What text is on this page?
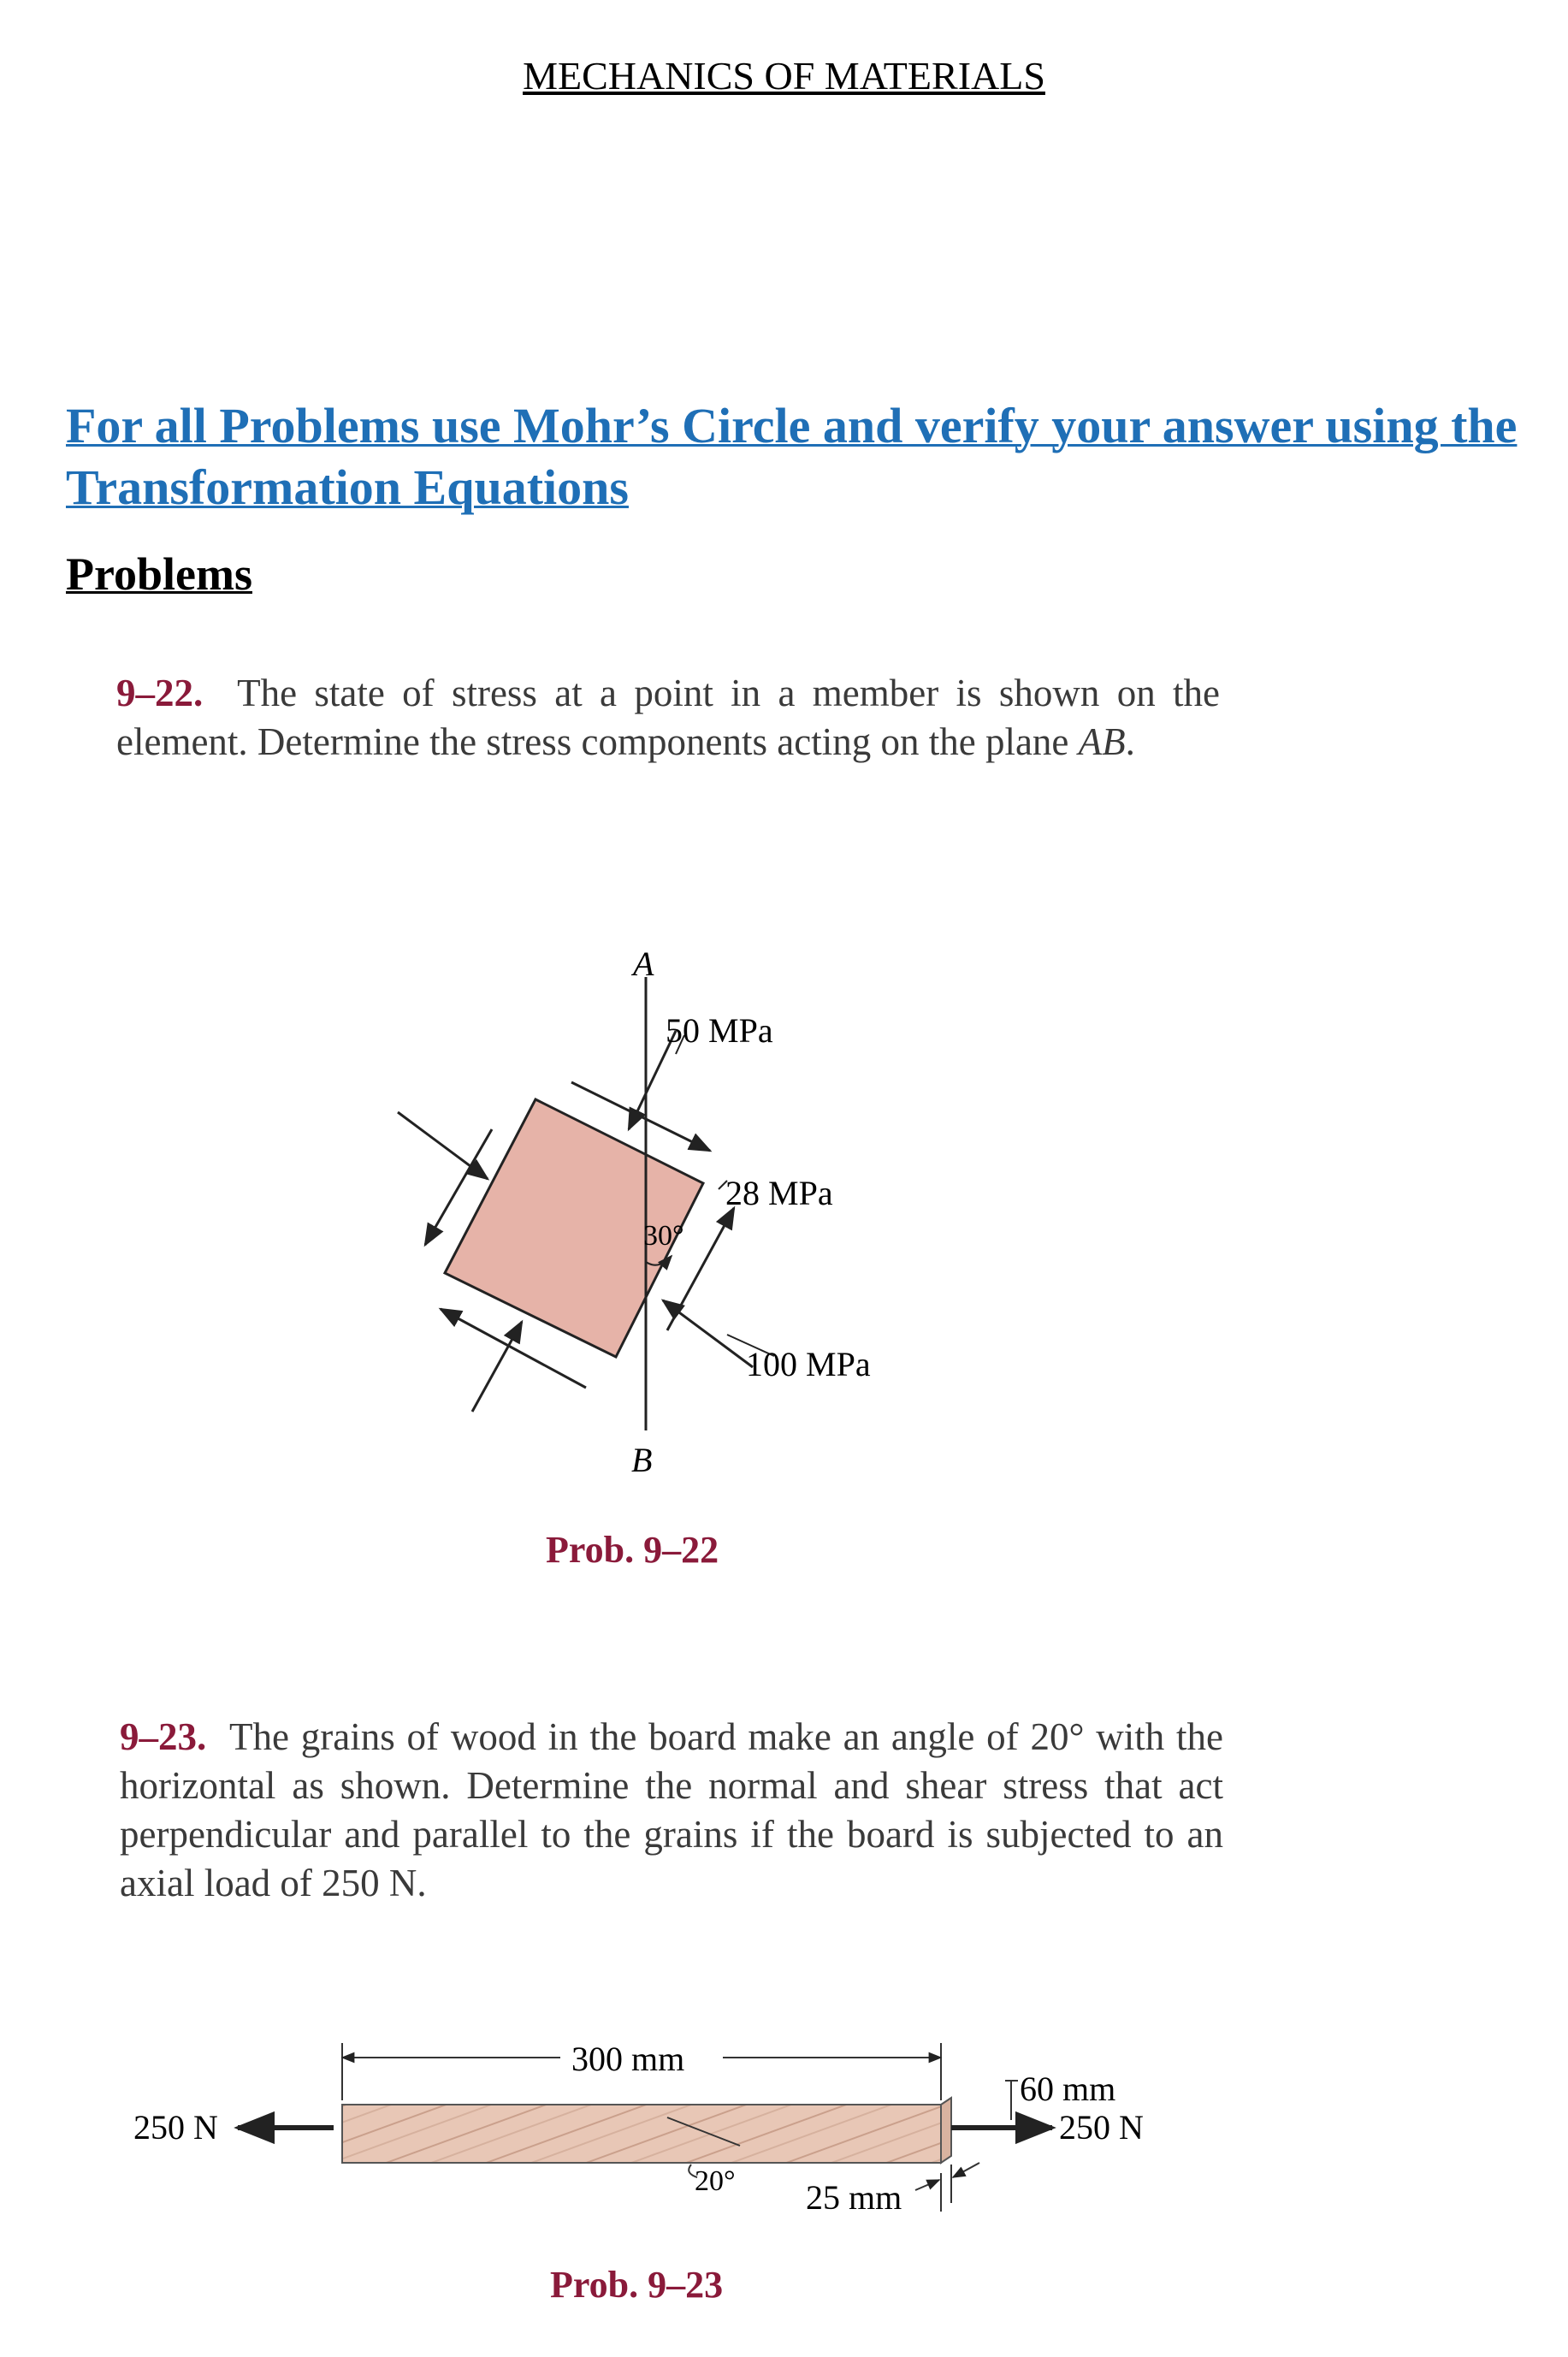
MECHANICS OF MATERIALS
For all Problems use Mohr’s Circle and verify your answer using the Transformation Equations
Problems
9–22. The state of stress at a point in a member is shown on the element. Determine the stress components acting on the plane AB.
A
B
50 MPa
28 MPa
100 MPa
30°
Prob. 9–22
9–23. The grains of wood in the board make an angle of 20° with the horizontal as shown. Determine the normal and shear stress that act perpendicular and parallel to the grains if the board is subjected to an axial load of 250 N.
300 mm
60 mm
25 mm
250 N	250 N
20°
Prob. 9–23
